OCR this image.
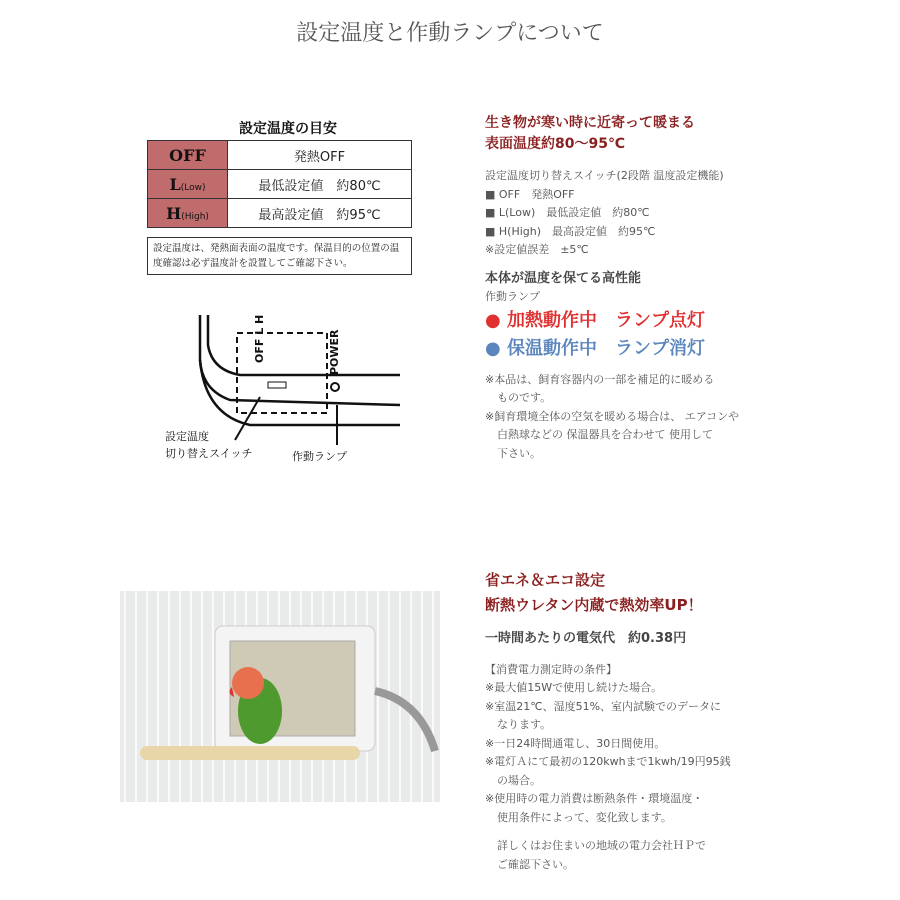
設定温度と作動ランプについて
設定温度の目安
OFF	発熱OFF
L(Low)	最低設定値　約80℃
H(High)	最高設定値　約95℃
設定温度は、発熱面表面の温度です。保温目的の位置の温度確認は必ず温度計を設置してご確認下さい。
OFF L H	POWER
設定温度
切り替えスイッチ	作動ランプ
生き物が寒い時に近寄って暖まる
表面温度約80〜95℃
設定温度切り替えスイッチ(2段階 温度設定機能)
■ OFF　発熱OFF
■ L(Low)　最低設定値　約80℃
■ H(High)　最高設定値　約95℃
※設定値誤差　±5℃
本体が温度を保てる高性能
作動ランプ
● 加熱動作中　ランプ点灯
● 保温動作中　ランプ消灯
※本品は、飼育容器内の一部を補足的に暖める
ものです。
※飼育環境全体の空気を暖める場合は、 エアコンや
白熱球などの 保温器具を合わせて 使用して
下さい。
省エネ＆エコ設定
断熱ウレタン内蔵で熱効率UP！
一時間あたりの電気代　約0.38円
【消費電力測定時の条件】
※最大値15Wで使用し続けた場合。
※室温21℃、湿度51%、室内試験でのデータに
なります。
※一日24時間通電し、30日間使用。
※電灯Ａにて最初の120kwhまで1kwh/19円95銭
の場合。
※使用時の電力消費は断熱条件・環境温度・
使用条件によって、変化致します。
詳しくはお住まいの地域の電力会社ＨＰで
ご確認下さい。
